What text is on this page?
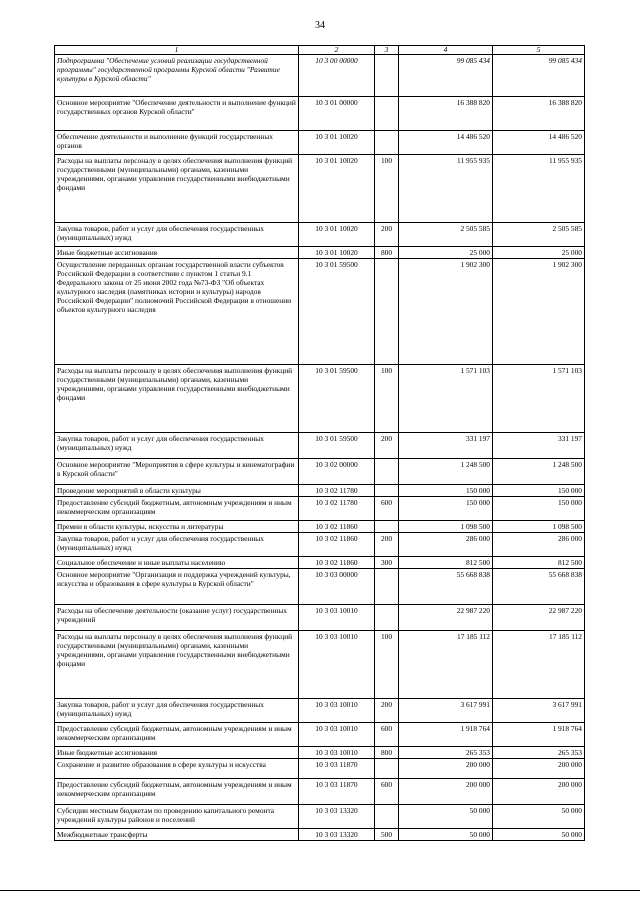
34
1	2	3	4	5
Подпрограмма "Обеспечение условий реализации государственной программы" государственной программы Курской области "Развитие культуры в Курской области"	10 3 00 00000		99 085 434	99 085 434
Основное мероприятие "Обеспечение деятельности и выполнение функций государственных органов Курской области"	10 3 01 00000		16 388 820	16 388 820
Обеспечение деятельности и выполнение функций государственных органов	10 3 01 10020		14 486 520	14 486 520
Расходы на выплаты персоналу в целях обеспечения выполнения функций государственными (муниципальными) органами, казенными учреждениями, органами управления государственными внебюджетными фондами	10 3 01 10020	100	11 955 935	11 955 935
Закупка товаров, работ и услуг для обеспечения государственных (муниципальных) нужд	10 3 01 10020	200	2 505 585	2 505 585
Иные бюджетные ассигнования	10 3 01 10020	800	25 000	25 000
Осуществление переданных органам государственной власти субъектов Российской Федерации в соответствии с пунктом 1 статьи 9.1 Федерального закона от 25 июня 2002 года №73-ФЗ "Об объектах культурного наследия (памятниках истории и культуры) народов Российской Федерации" полномочий Российской Федерации в отношении объектов культурного наследия	10 3 01 59500		1 902 300	1 902 300
Расходы на выплаты персоналу в целях обеспечения выполнения функций государственными (муниципальными) органами, казенными учреждениями, органами управления государственными внебюджетными фондами	10 3 01 59500	100	1 571 103	1 571 103
Закупка товаров, работ и услуг для обеспечения государственных (муниципальных) нужд	10 3 01 59500	200	331 197	331 197
Основное мероприятие "Мероприятия в сфере культуры и кинематографии в Курской области"	10 3 02 00000		1 248 500	1 248 500
Проведение мероприятий в области культуры	10 3 02 11780		150 000	150 000
Предоставление субсидий бюджетным, автономным учреждениям и иным некоммерческим организациям	10 3 02 11780	600	150 000	150 000
Премии в области культуры, искусства и литературы	10 3 02 11860		1 098 500	1 098 500
Закупка товаров, работ и услуг для обеспечения государственных (муниципальных) нужд	10 3 02 11860	200	286 000	286 000
Социальное обеспечение и иные выплаты населению	10 3 02 11860	300	812 500	812 500
Основное мероприятие "Организация и поддержка учреждений культуры, искусства и образования в сфере культуры в Курской области"	10 3 03 00000		55 668 838	55 668 838
Расходы на обеспечение деятельности (оказание услуг) государственных учреждений	10 3 03 10010		22 987 220	22 987 220
Расходы на выплаты персоналу в целях обеспечения выполнения функций государственными (муниципальными) органами, казенными учреждениями, органами управления государственными внебюджетными фондами	10 3 03 10010	100	17 185 112	17 185 112
Закупка товаров, работ и услуг для обеспечения государственных (муниципальных) нужд	10 3 03 10010	200	3 617 991	3 617 991
Предоставление субсидий бюджетным, автономным учреждениям и иным некоммерческим организациям	10 3 03 10010	600	1 918 764	1 918 764
Иные бюджетные ассигнования	10 3 03 10010	800	265 353	265 353
Сохранение и развитие образования в сфере культуры и искусства	10 3 03 11870		200 000	200 000
Предоставление субсидий бюджетным, автономным учреждениям и иным некоммерческим организациям	10 3 03 11870	600	200 000	200 000
Субсидии местным бюджетам по проведению капитального ремонта учреждений культуры районов и поселений	10 3 03 13320		50 000	50 000
Межбюджетные трансферты	10 3 03 13320	500	50 000	50 000
